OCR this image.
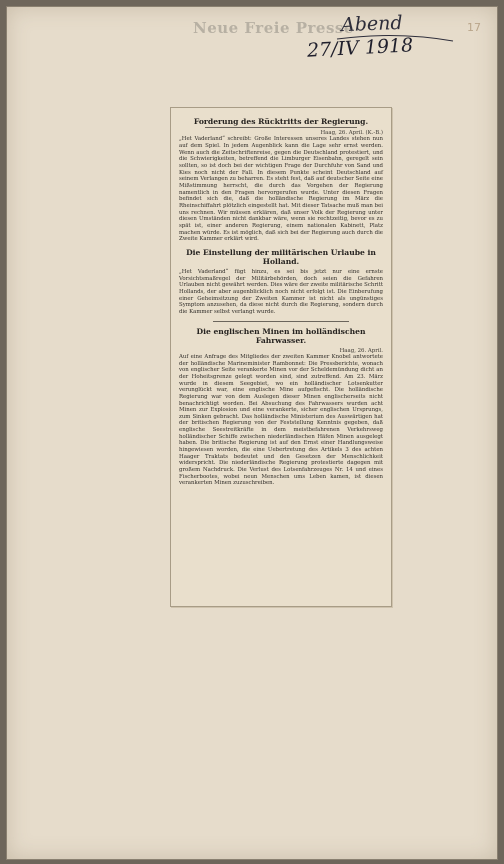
Neue Freie Presse
Abend
27/IV 1918
17

Forderung des Rücktritts der Regierung.

Haag, 26. April. (K.-B.)

„Het Vaderland“ schreibt: Große Interessen unseres Landes stehen nun auf dem Spiel. In jedem Augenblick kann die Lage sehr ernst werden. Wenn auch die Zeitschriftenreise, gegen die Deutschland protestiert, und die Schwierigkeiten, betreffend die Limburger Eisenbahn, geregelt sein sollten, so ist doch bei der wichtigen Frage der Durchfuhr von Sand und Kies noch nicht der Fall. In diesem Punkte scheint Deutschland auf seinem Verlangen zu beharren. Es steht fest, daß auf deutscher Seite eine Mißstimmung herrscht, die durch das Vorgehen der Regierung namentlich in den Fragen hervorgerufen wurde. Unter diesen Fragen befindet sich die, daß die holländische Regierung im März die Rheinschiffahrt plötzlich eingestellt hat. Mit dieser Tatsache muß man bei uns rechnen. Wir müssen erklären, daß unser Volk der Regierung unter diesen Umständen nicht dankbar wäre, wenn sie rechtzeitig, bevor es zu spät ist, einer anderen Regierung, einem nationalen Kabinett, Platz machen würde. Es ist möglich, daß sich bei der Regierung auch durch die Zweite Kammer erklärt wird.

Die Einstellung der militärischen Urlaube in Holland.

„Het Vaderland“ fügt hinzu, es sei bis jetzt nur eine ernste Vorsichtsmaßregel der Militärbehörden, doch seien die Gefahren Urlauben nicht gewährt werden. Dies wäre der zweite militärische Schritt Hollands, der aber augenblicklich noch nicht erfolgt ist. Die Einberufung einer Geheimsitzung der Zweiten Kammer ist nicht als ungünstiges Symptom anzusehen, da diese nicht durch die Regierung, sondern durch die Kammer selbst verlangt wurde.

Die englischen Minen im holländischen Fahrwasser.

Haag, 26. April.

Auf eine Anfrage des Mitgliedes der zweiten Kammer Knobel antwortete der holländische Marineminister Rambonnet: Die Pressberichte, wonach von englischer Seite verankerte Minen vor der Scheldemündung dicht an der Hoheitsgrenze gelegt worden sind, sind zutreffend. Am 23. März wurde in diesem Seegebiet, wo ein holländischer Lotsenkutter verunglückt war, eine englische Mine aufgefischt. Die holländische Regierung war von dem Auslegen dieser Minen englischerseits nicht benachrichtigt worden. Bei Absuchung des Fahrwassers wurden acht Minen zur Explosion und eine verankerte, sicher englischen Ursprungs, zum Sinken gebracht. Das holländische Ministerium des Auswärtigen hat der britischen Regierung von der Feststellung Kenntnis gegeben, daß englische Seestreitkräfte in dem meistbefahrenen Verkehrsweg holländischer Schiffe zwischen niederländischen Häfen Minen ausgelegt haben. Die britische Regierung ist auf den Ernst einer Handlungsweise hingewiesen worden, die eine Uebertretung des Artikels 3 des achten Haager Traktats bedeutet und den Gesetzen der Menschlichkeit widerspricht. Die niederländische Regierung protestierte dagegen mit großem Nachdruck. Die Verlust des Lotsenfahrzeuges Nr. 14 und eines Fischerbootes, wobei neun Menschen ums Leben kamen, ist diesen verankerten Minen zuzuschreiben.
